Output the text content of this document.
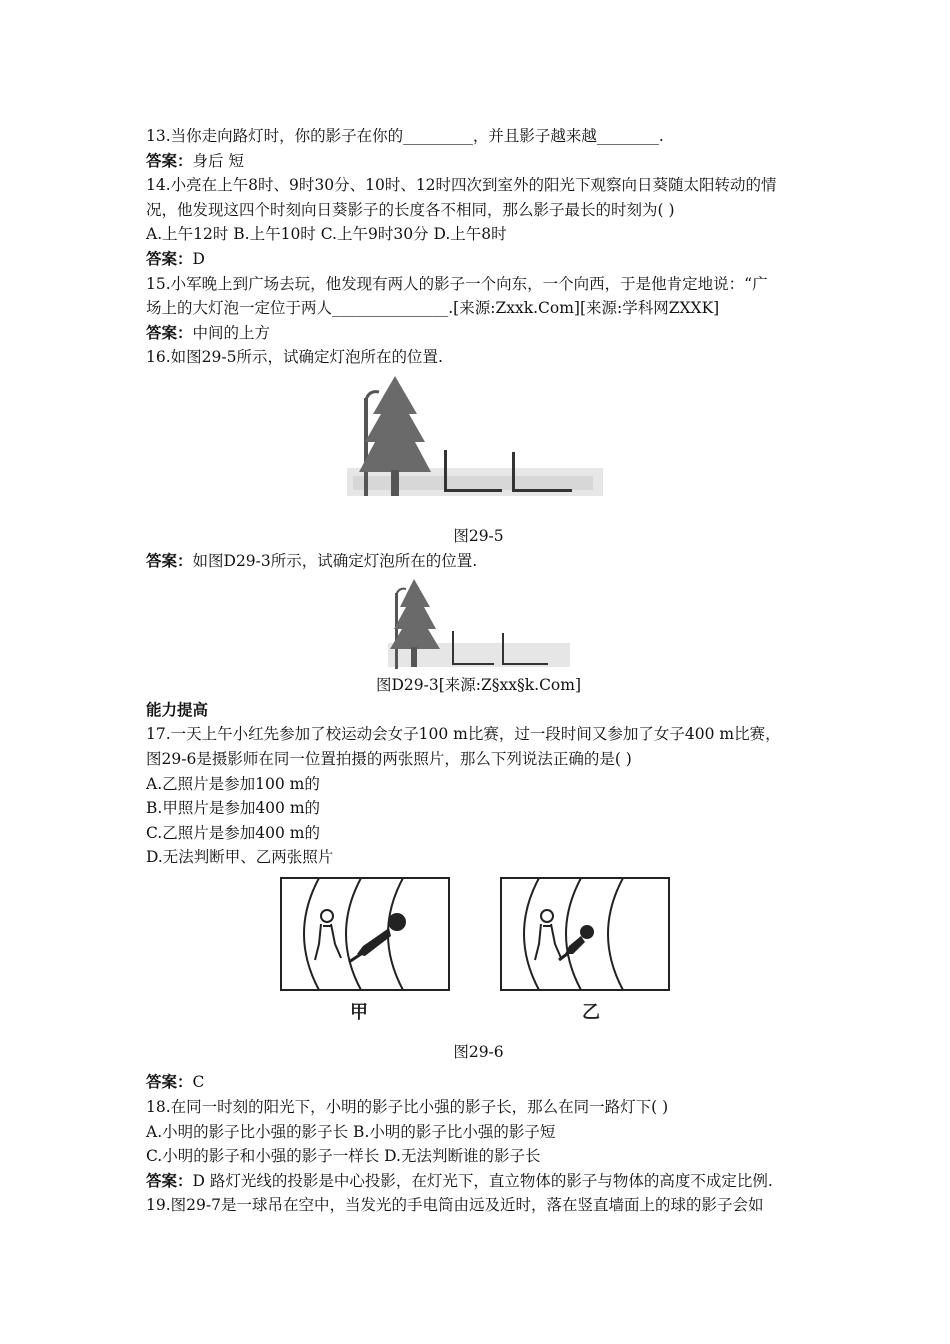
13.当你走向路灯时，你的影子在你的_________，并且影子越来越________.
答案：身后 短
14.小亮在上午8时、9时30分、10时、12时四次到室外的阳光下观察向日葵随太阳转动的情
况，他发现这四个时刻向日葵影子的长度各不相同，那么影子最长的时刻为( )
A.上午12时 B.上午10时 C.上午9时30分 D.上午8时
答案：D
15.小军晚上到广场去玩，他发现有两人的影子一个向东，一个向西，于是他肯定地说：“广
场上的大灯泡一定位于两人_______________.[来源:Zxxk.Com][来源:学科网ZXXK]
答案：中间的上方
16.如图29-5所示，试确定灯泡所在的位置.
图29-5
答案：如图D29-3所示，试确定灯泡所在的位置.
图D29-3[来源:Z§xx§k.Com]
能力提高
17.一天上午小红先参加了校运动会女子100 m比赛，过一段时间又参加了女子400 m比赛，
图29-6是摄影师在同一位置拍摄的两张照片，那么下列说法正确的是( )
A.乙照片是参加100 m的
B.甲照片是参加400 m的
C.乙照片是参加400 m的
D.无法判断甲、乙两张照片
甲	乙
图29-6
答案：C
18.在同一时刻的阳光下，小明的影子比小强的影子长，那么在同一路灯下( )
A.小明的影子比小强的影子长 B.小明的影子比小强的影子短
C.小明的影子和小强的影子一样长 D.无法判断谁的影子长
答案：D 路灯光线的投影是中心投影，在灯光下，直立物体的影子与物体的高度不成定比例.
19.图29-7是一球吊在空中，当发光的手电筒由远及近时，落在竖直墙面上的球的影子会如
